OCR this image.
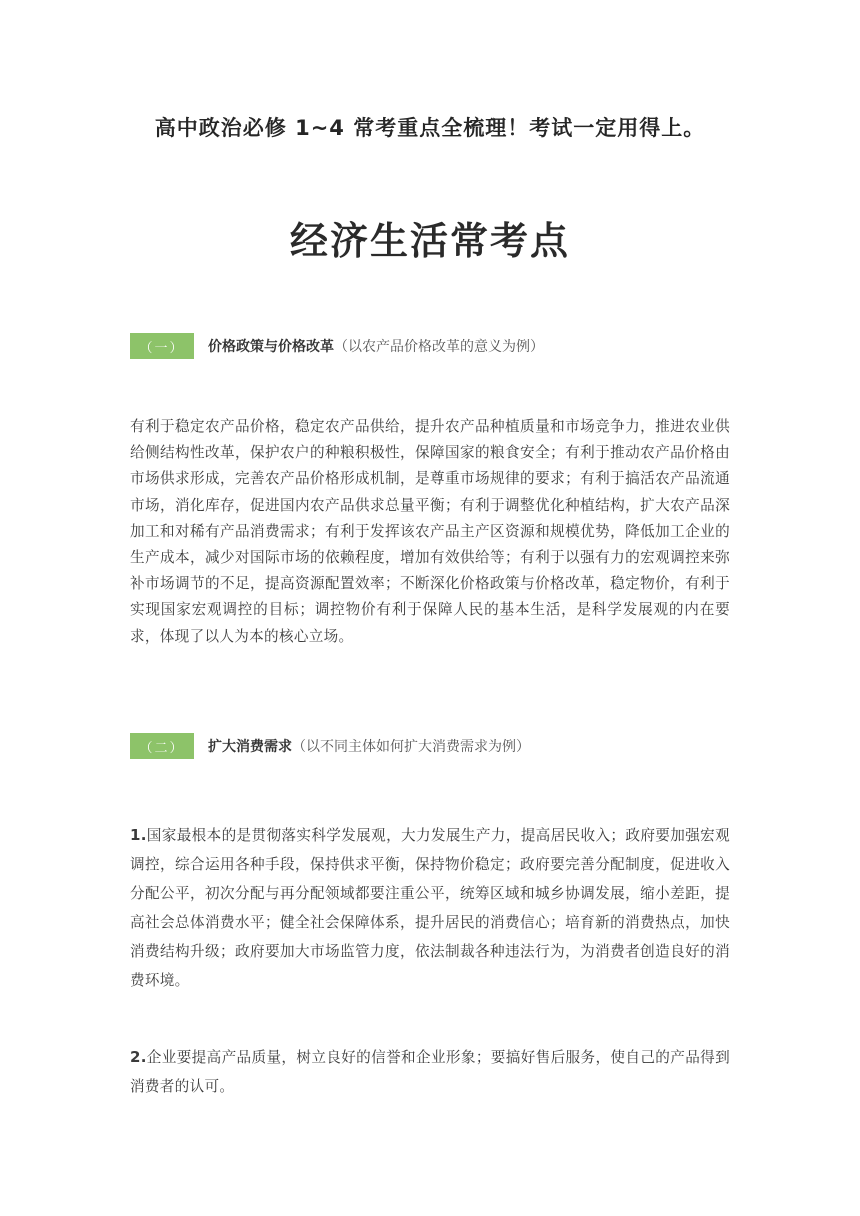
高中政治必修 1~4 常考重点全梳理！考试一定用得上。
经济生活常考点
（一）	价格政策与价格改革 （以农产品价格改革的意义为例）

有利于稳定农产品价格，稳定农产品供给，提升农产品种植质量和市场竞争力，推进农业供给侧结构性改革，保护农户的种粮积极性，保障国家的粮食安全；有利于推动农产品价格由市场供求形成，完善农产品价格形成机制，是尊重市场规律的要求；有利于搞活农产品流通市场，消化库存，促进国内农产品供求总量平衡；有利于调整优化种植结构，扩大农产品深加工和对稀有产品消费需求；有利于发挥该农产品主产区资源和规模优势，降低加工企业的生产成本，减少对国际市场的依赖程度，增加有效供给等；有利于以强有力的宏观调控来弥补市场调节的不足，提高资源配置效率；不断深化价格政策与价格改革，稳定物价，有利于实现国家宏观调控的目标；调控物价有利于保障人民的基本生活，是科学发展观的内在要求，体现了以人为本的核心立场。

（二）	扩大消费需求 （以不同主体如何扩大消费需求为例）

1.国家最根本的是贯彻落实科学发展观，大力发展生产力，提高居民收入；政府要加强宏观调控，综合运用各种手段，保持供求平衡，保持物价稳定；政府要完善分配制度，促进收入分配公平，初次分配与再分配领域都要注重公平，统筹区域和城乡协调发展，缩小差距，提高社会总体消费水平；健全社会保障体系，提升居民的消费信心；培育新的消费热点，加快消费结构升级；政府要加大市场监管力度，依法制裁各种违法行为，为消费者创造良好的消费环境。

2.企业要提高产品质量，树立良好的信誉和企业形象；要搞好售后服务，使自己的产品得到消费者的认可。
